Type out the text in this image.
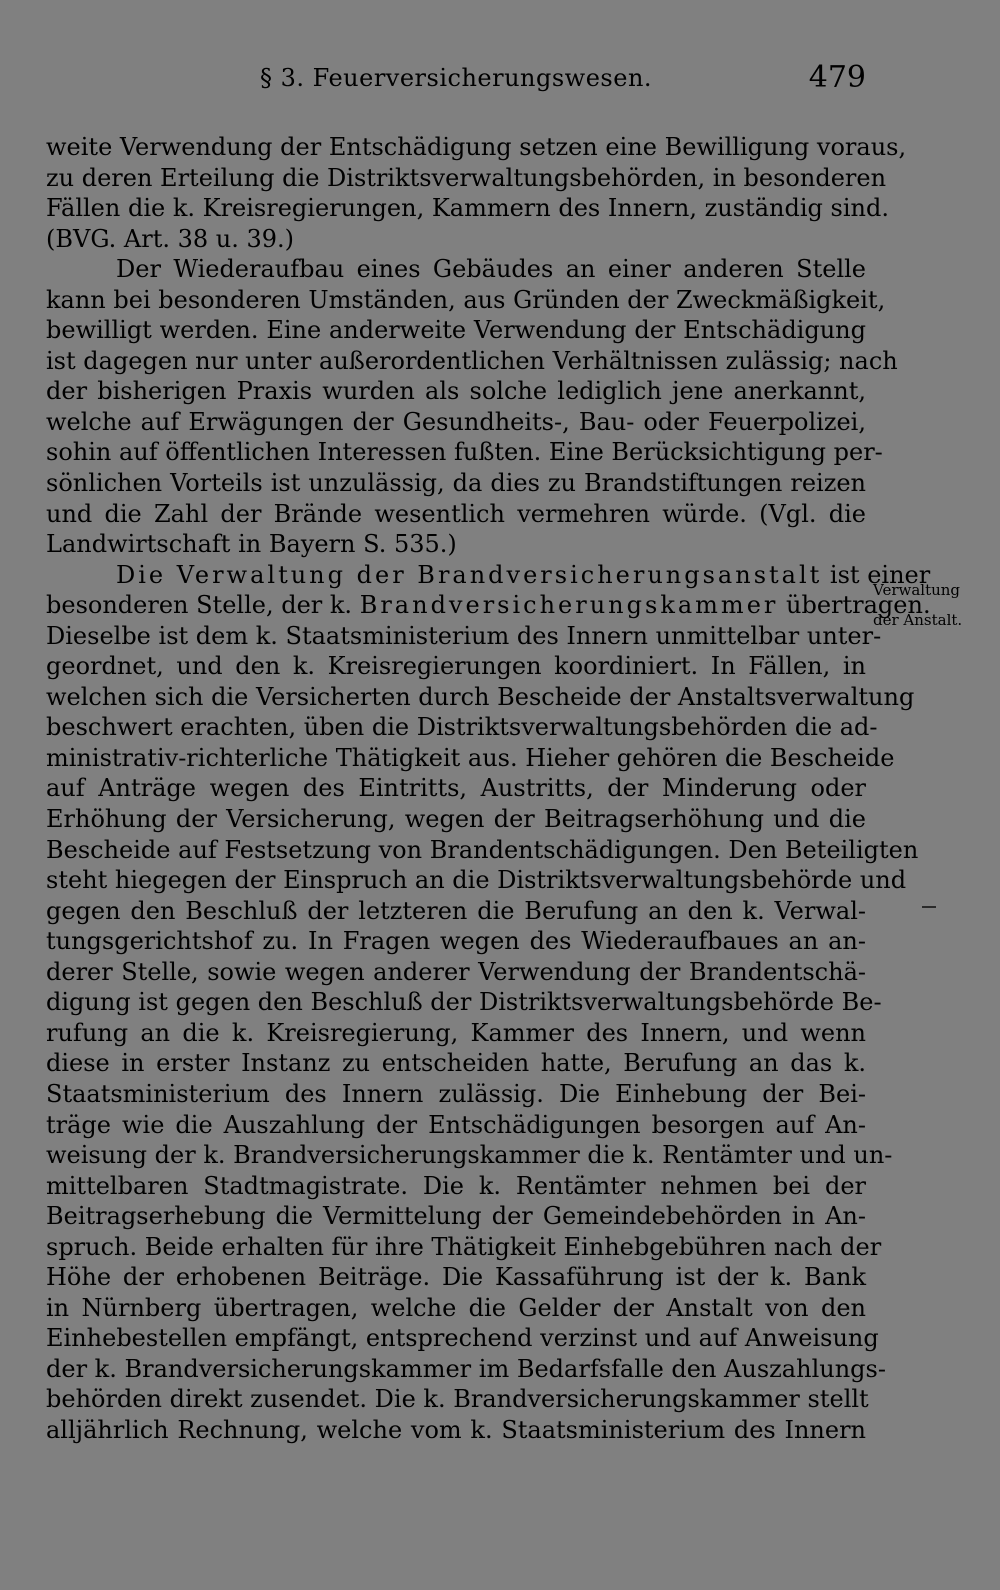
§ 3. Feuerversicherungswesen.	479
weite Verwendung der Entschädigung setzen eine Bewilligung voraus,
zu deren Erteilung die Distriktsverwaltungsbehörden, in besonderen
Fällen die k. Kreisregierungen, Kammern des Innern, zuständig sind.
(BVG. Art. 38 u. 39.)
Der Wiederaufbau eines Gebäudes an einer anderen Stelle
kann bei besonderen Umständen, aus Gründen der Zweckmäßigkeit,
bewilligt werden. Eine anderweite Verwendung der Entschädigung
ist dagegen nur unter außerordentlichen Verhältnissen zulässig; nach
der bisherigen Praxis wurden als solche lediglich jene anerkannt,
welche auf Erwägungen der Gesundheits-, Bau- oder Feuerpolizei,
sohin auf öffentlichen Interessen fußten. Eine Berücksichtigung per-
sönlichen Vorteils ist unzulässig, da dies zu Brandstiftungen reizen
und die Zahl der Brände wesentlich vermehren würde. (Vgl. die
Landwirtschaft in Bayern S. 535.)
Die Verwaltung der Brandversicherungsanstalt ist einer
besonderen Stelle, der k. Brandversicherungskammer übertragen.
Dieselbe ist dem k. Staatsministerium des Innern unmittelbar unter-
geordnet, und den k. Kreisregierungen koordiniert. In Fällen, in
welchen sich die Versicherten durch Bescheide der Anstaltsverwaltung
beschwert erachten, üben die Distriktsverwaltungsbehörden die ad-
ministrativ-richterliche Thätigkeit aus. Hieher gehören die Bescheide
auf Anträge wegen des Eintritts, Austritts, der Minderung oder
Erhöhung der Versicherung, wegen der Beitragserhöhung und die
Bescheide auf Festsetzung von Brandentschädigungen. Den Beteiligten
steht hiegegen der Einspruch an die Distriktsverwaltungsbehörde und
gegen den Beschluß der letzteren die Berufung an den k. Verwal-
tungsgerichtshof zu. In Fragen wegen des Wiederaufbaues an an-
derer Stelle, sowie wegen anderer Verwendung der Brandentschä-
digung ist gegen den Beschluß der Distriktsverwaltungsbehörde Be-
rufung an die k. Kreisregierung, Kammer des Innern, und wenn
diese in erster Instanz zu entscheiden hatte, Berufung an das k.
Staatsministerium des Innern zulässig. Die Einhebung der Bei-
träge wie die Auszahlung der Entschädigungen besorgen auf An-
weisung der k. Brandversicherungskammer die k. Rentämter und un-
mittelbaren Stadtmagistrate. Die k. Rentämter nehmen bei der
Beitragserhebung die Vermittelung der Gemeindebehörden in An-
spruch. Beide erhalten für ihre Thätigkeit Einhebgebühren nach der
Höhe der erhobenen Beiträge. Die Kassaführung ist der k. Bank
in Nürnberg übertragen, welche die Gelder der Anstalt von den
Einhebestellen empfängt, entsprechend verzinst und auf Anweisung
der k. Brandversicherungskammer im Bedarfsfalle den Auszahlungs-
behörden direkt zusendet. Die k. Brandversicherungskammer stellt
alljährlich Rechnung, welche vom k. Staatsministerium des Innern
Verwaltung
der Anstalt.
